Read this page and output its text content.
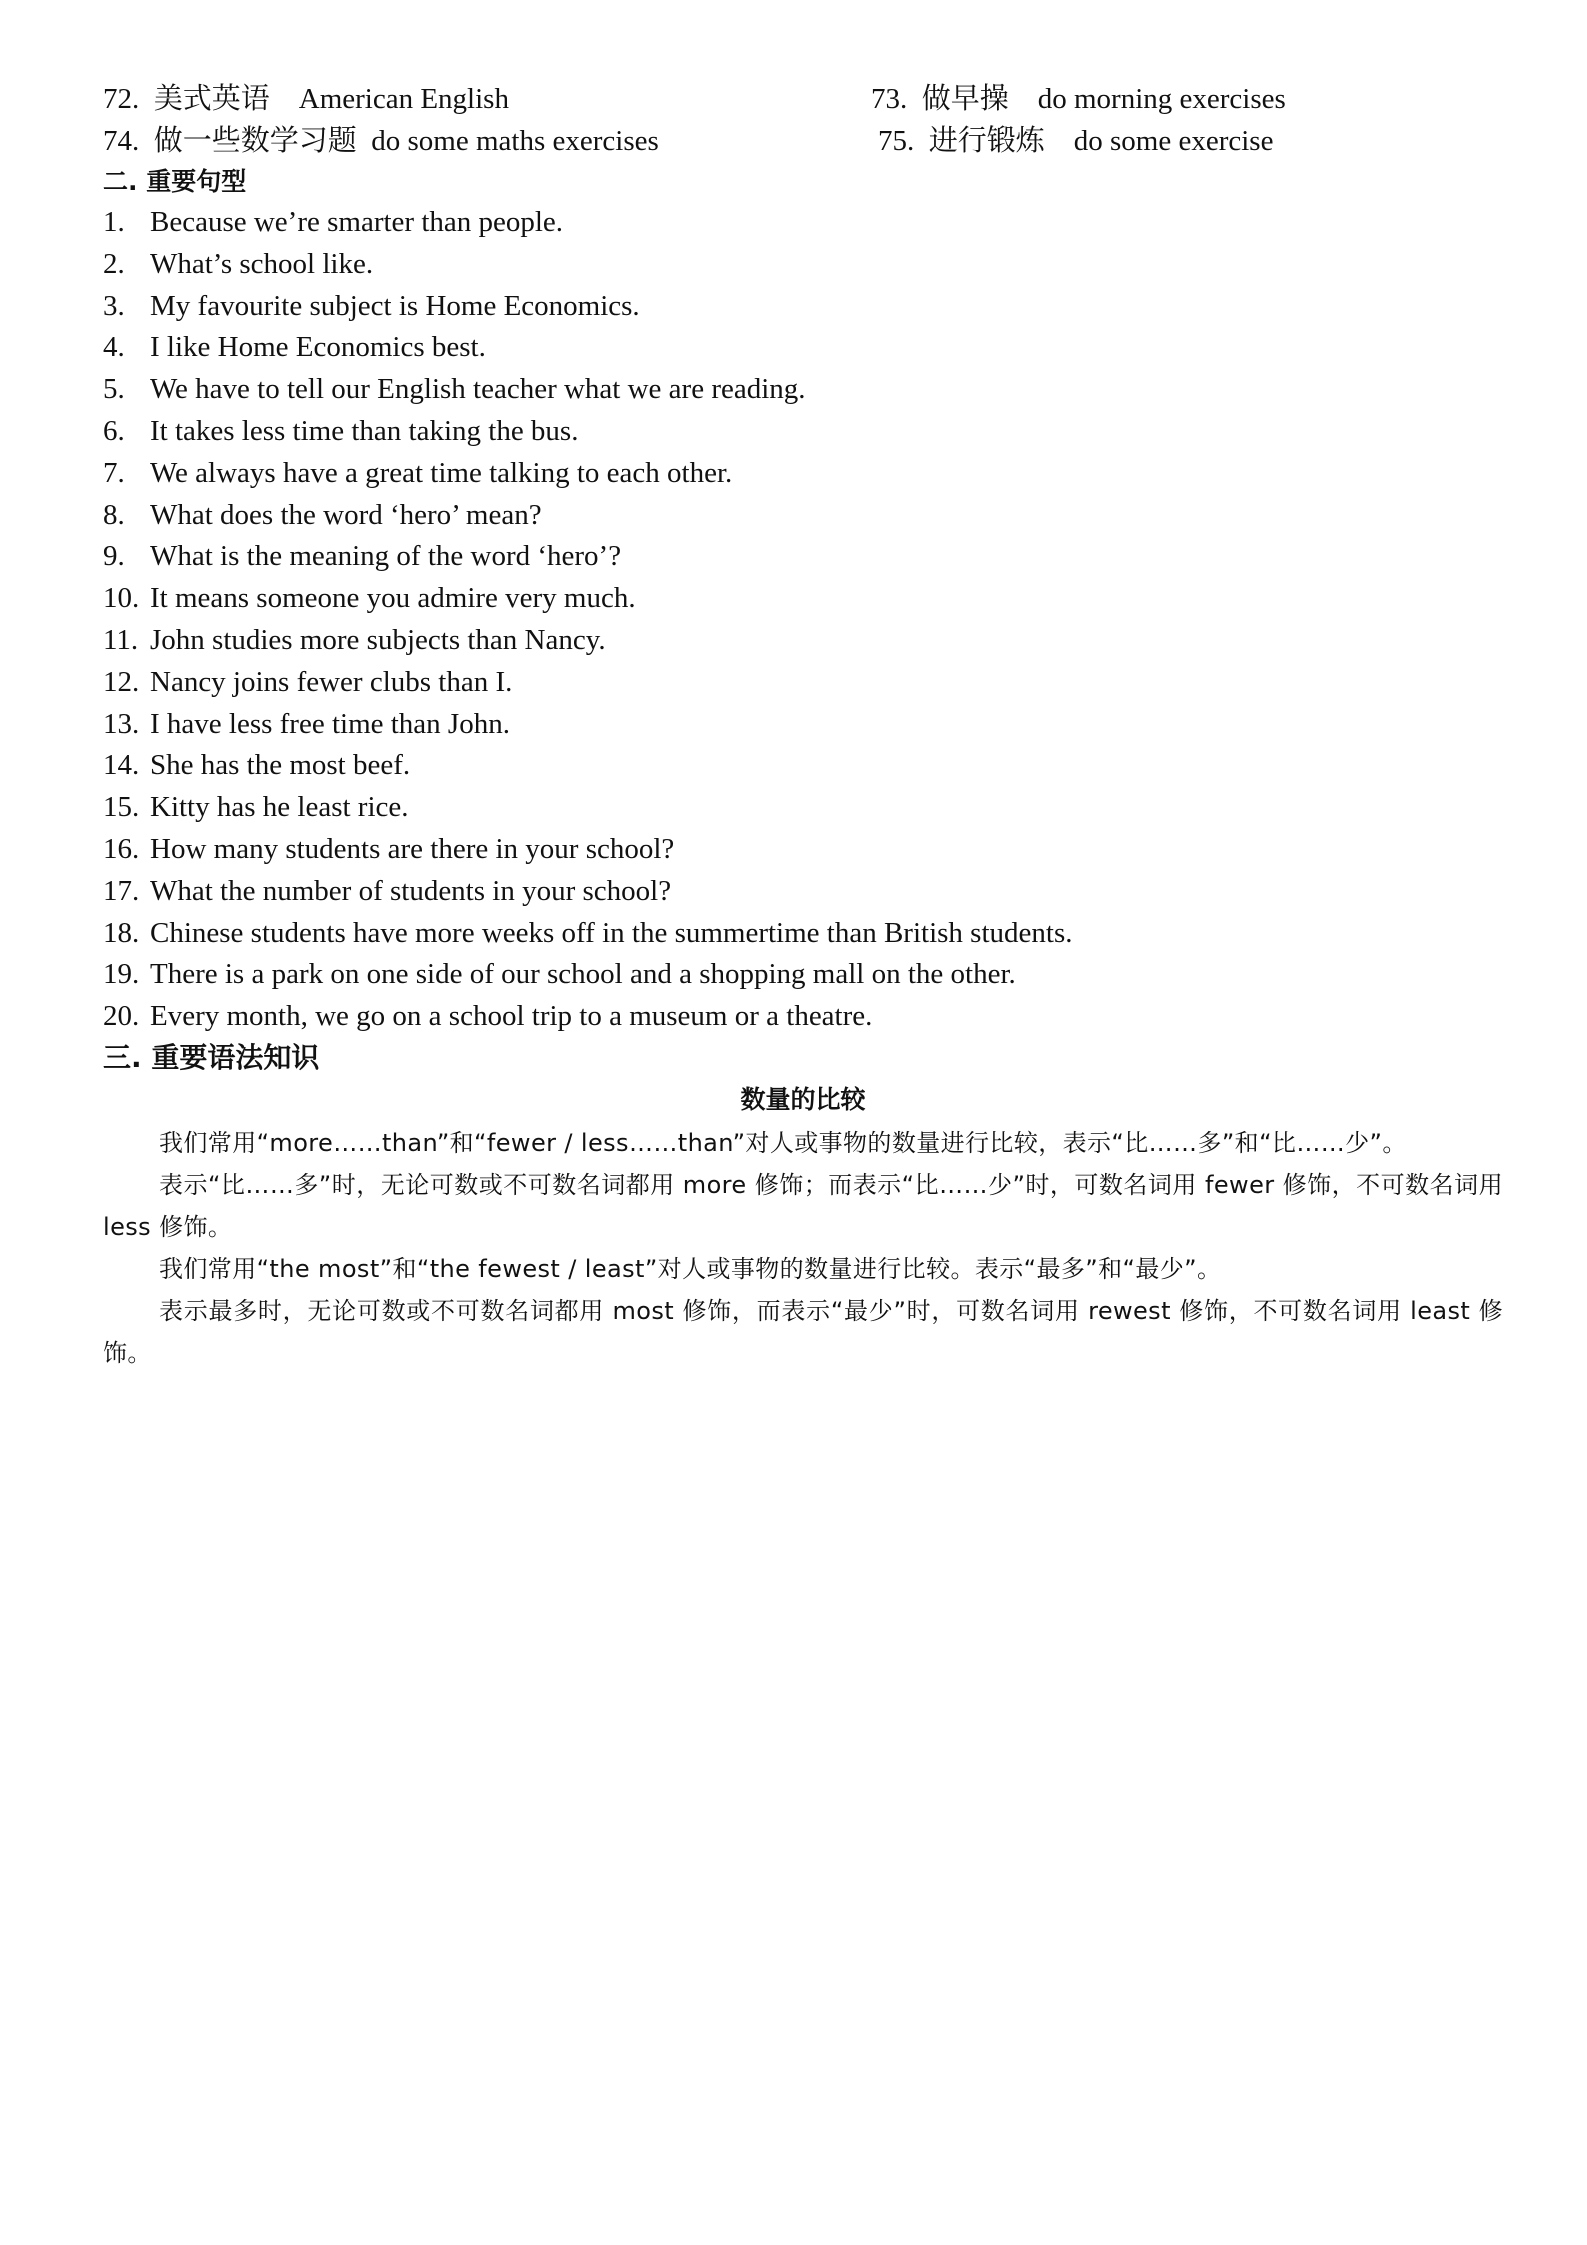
72.  美式英语    American English	73.  做早操    do morning exercises
74.  做一些数学习题  do some maths exercises	75.  进行锻炼    do some exercise
二. 重要句型
1. Because we’re smarter than people.
2. What’s school like.
3. My favourite subject is Home Economics.
4. I like Home Economics best.
5. We have to tell our English teacher what we are reading.
6. It takes less time than taking the bus.
7. We always have a great time talking to each other.
8. What does the word ‘hero’ mean?
9. What is the meaning of the word ‘hero’?
10. It means someone you admire very much.
11. John studies more subjects than Nancy.
12. Nancy joins fewer clubs than I.
13. I have less free time than John.
14. She has the most beef.
15. Kitty has he least rice.
16. How many students are there in your school?
17. What the number of students in your school?
18. Chinese students have more weeks off in the summertime than British students.
19. There is a park on one side of our school and a shopping mall on the other.
20. Every month, we go on a school trip to a museum or a theatre.
三. 重要语法知识
数量的比较

我们常用“more……than”和“fewer / less……than”对人或事物的数量进行比较，表示“比……多”和“比……少”。

表示“比……多”时，无论可数或不可数名词都用 more 修饰；而表示“比……少”时，可数名词用 fewer 修饰，不可数名词用 less 修饰。

我们常用“the most”和“the fewest / least”对人或事物的数量进行比较。表示“最多”和“最少”。

表示最多时，无论可数或不可数名词都用 most 修饰，而表示“最少”时，可数名词用 rewest 修饰，不可数名词用 least 修饰。
